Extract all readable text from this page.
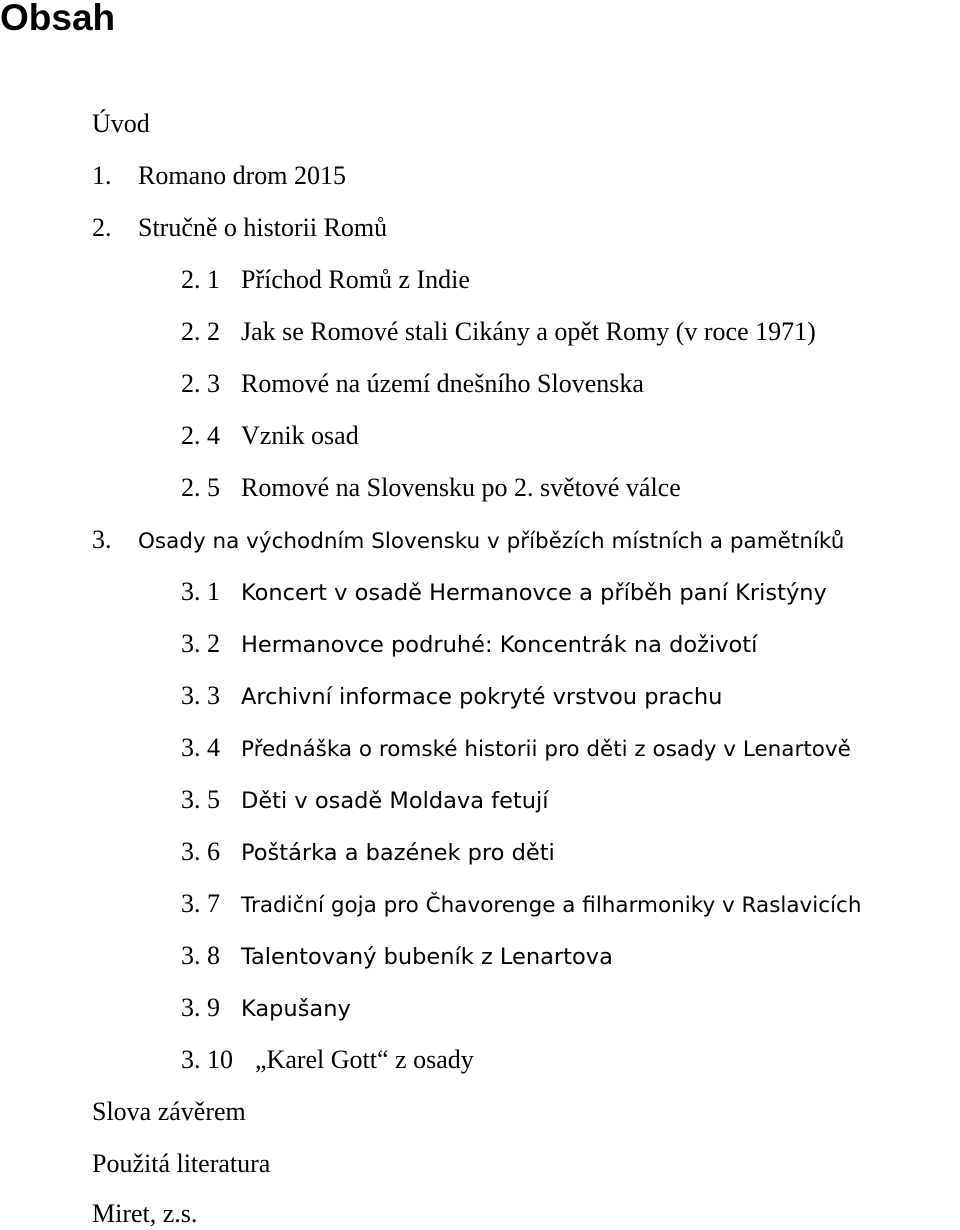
Obsah

Úvod

1. Romano drom 2015

2. Stručně o historii Romů

2. 1 Příchod Romů z Indie

2. 2 Jak se Romové stali Cikány a opět Romy (v roce 1971)

2. 3 Romové na území dnešního Slovenska

2. 4 Vznik osad

2. 5 Romové na Slovensku po 2. světové válce

3. Osady na východním Slovensku v příbězích místních a pamětníků

3. 1 Koncert v osadě Hermanovce a příběh paní Kristýny

3. 2 Hermanovce podruhé: Koncentrák na doživotí

3. 3 Archivní informace pokryté vrstvou prachu

3. 4 Přednáška o romské historii pro děti z osady v Lenartově

3. 5 Děti v osadě Moldava fetují

3. 6 Poštárka a bazének pro děti

3. 7 Tradiční goja pro Čhavorenge a filharmoniky v Raslavicích

3. 8 Talentovaný bubeník z Lenartova

3. 9 Kapušany

3. 10 „Karel Gott“ z osady

Slova závěrem

Použitá literatura

Miret, z.s.
